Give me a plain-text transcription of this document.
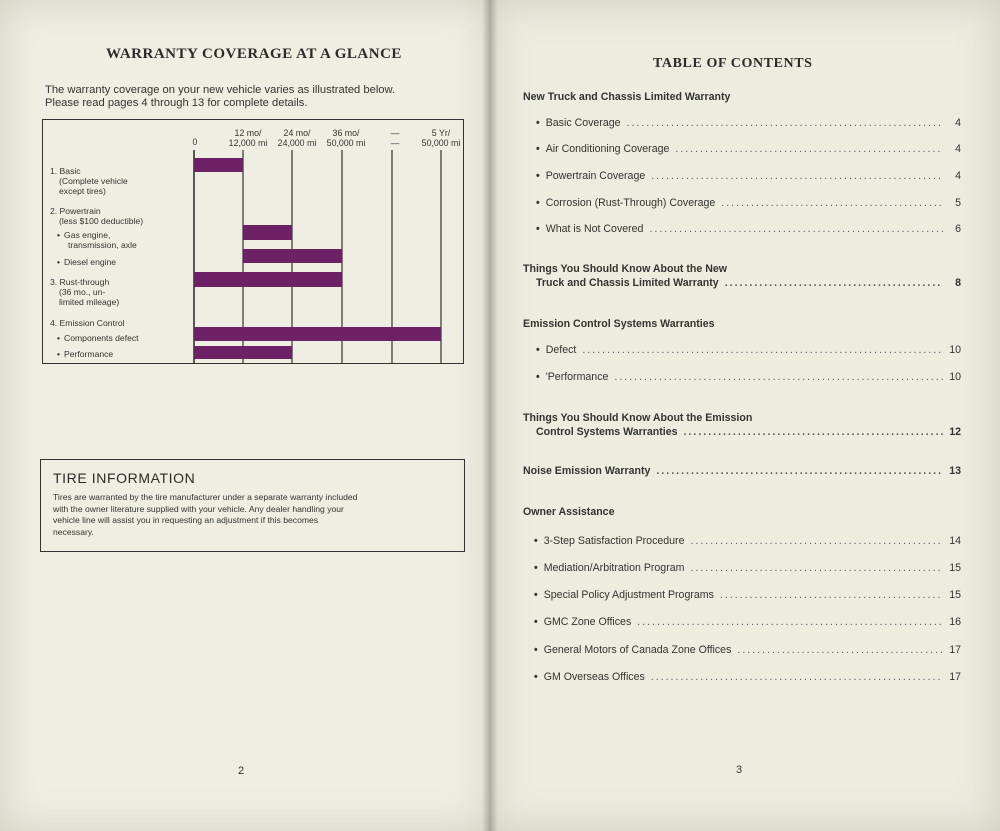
WARRANTY COVERAGE AT A GLANCE
The warranty coverage on your new vehicle varies as illustrated below.
Please read pages 4 through 13 for complete details.
0
12 mo/
12,000 mi
24 mo/
24,000 mi
36 mo/
50,000 mi
—
—
5 Yr/
50,000 mi
1. Basic
(Complete vehicle
except tires)
2. Powertrain
(less $100 deductible)
• Gas engine,
transmission, axle
• Diesel engine
3. Rust-through
(36 mo., un-
limited mileage)
4. Emission Control
• Components defect
• Performance
TIRE INFORMATION
Tires are warranted by the tire manufacturer under a separate warranty included
with the owner literature supplied with your vehicle. Any dealer handling your
vehicle line will assist you in requesting an adjustment if this becomes
necessary.
2
TABLE OF CONTENTS
New Truck and Chassis Limited Warranty
• Basic Coverage .....	4
• Air Conditioning Coverage .....	4
• Powertrain Coverage .....	4
• Corrosion (Rust-Through) Coverage .....	5
• What is Not Covered .....	6
Things You Should Know About the New
Truck and Chassis Limited Warranty .....	8
Emission Control Systems Warranties
• Defect .....	10
• 'Performance .....	10
Things You Should Know About the Emission
Control Systems Warranties .....	12
Noise Emission Warranty .....	13
Owner Assistance
• 3-Step Satisfaction Procedure .....	14
• Mediation/Arbitration Program .....	15
• Special Policy Adjustment Programs .....	15
• GMC Zone Offices .....	16
• General Motors of Canada Zone Offices .....	17
• GM Overseas Offices .....	17
3
